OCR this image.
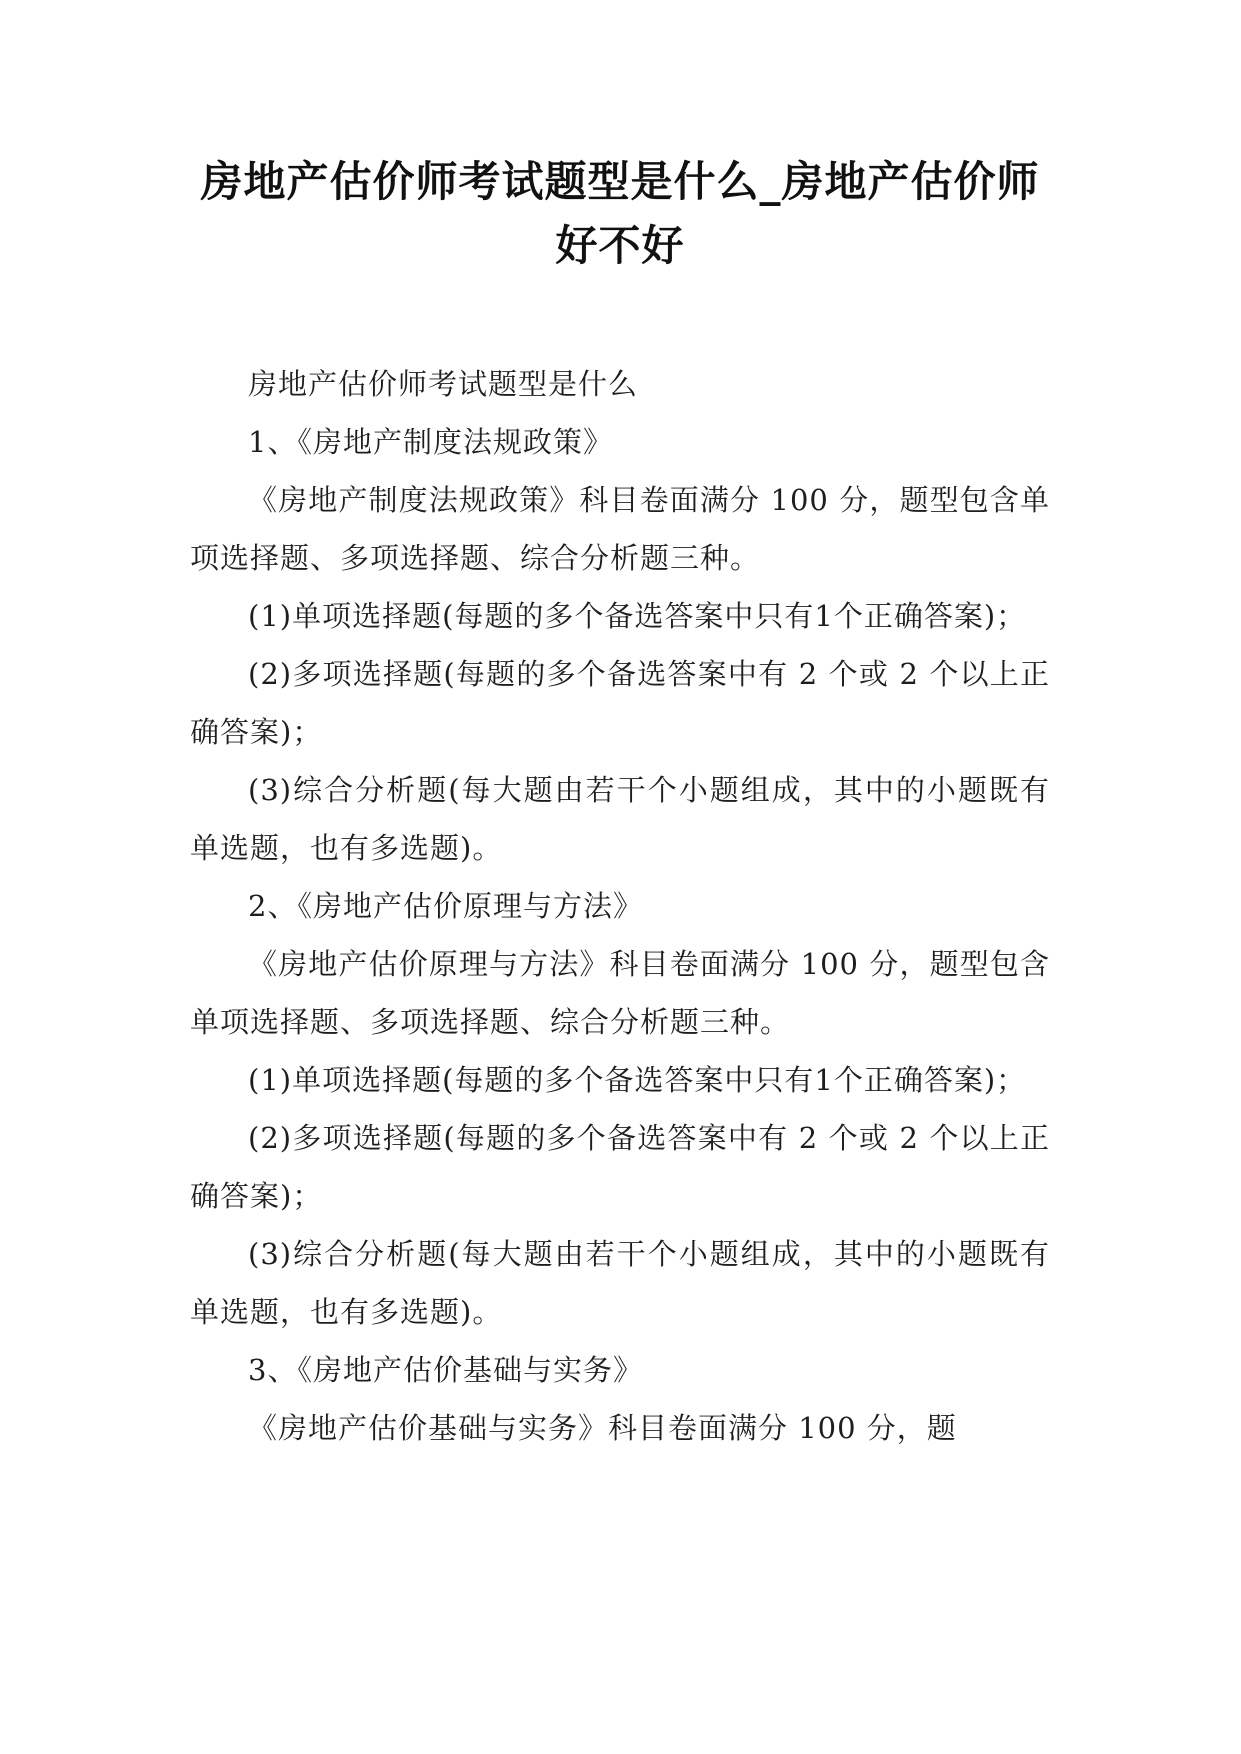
房地产估价师考试题型是什么_房地产估价师好不好

房地产估价师考试题型是什么

1、《房地产制度法规政策》

《房地产制度法规政策》科目卷面满分 100 分，题型包含单项选择题、多项选择题、综合分析题三种。

(1)单项选择题(每题的多个备选答案中只有1个正确答案)；

(2)多项选择题(每题的多个备选答案中有 2 个或 2 个以上正确答案)；

(3)综合分析题(每大题由若干个小题组成，其中的小题既有单选题，也有多选题)。

2、《房地产估价原理与方法》

《房地产估价原理与方法》科目卷面满分 100 分，题型包含单项选择题、多项选择题、综合分析题三种。

(1)单项选择题(每题的多个备选答案中只有1个正确答案)；

(2)多项选择题(每题的多个备选答案中有 2 个或 2 个以上正确答案)；

(3)综合分析题(每大题由若干个小题组成，其中的小题既有单选题，也有多选题)。

3、《房地产估价基础与实务》

《房地产估价基础与实务》科目卷面满分 100 分，题
